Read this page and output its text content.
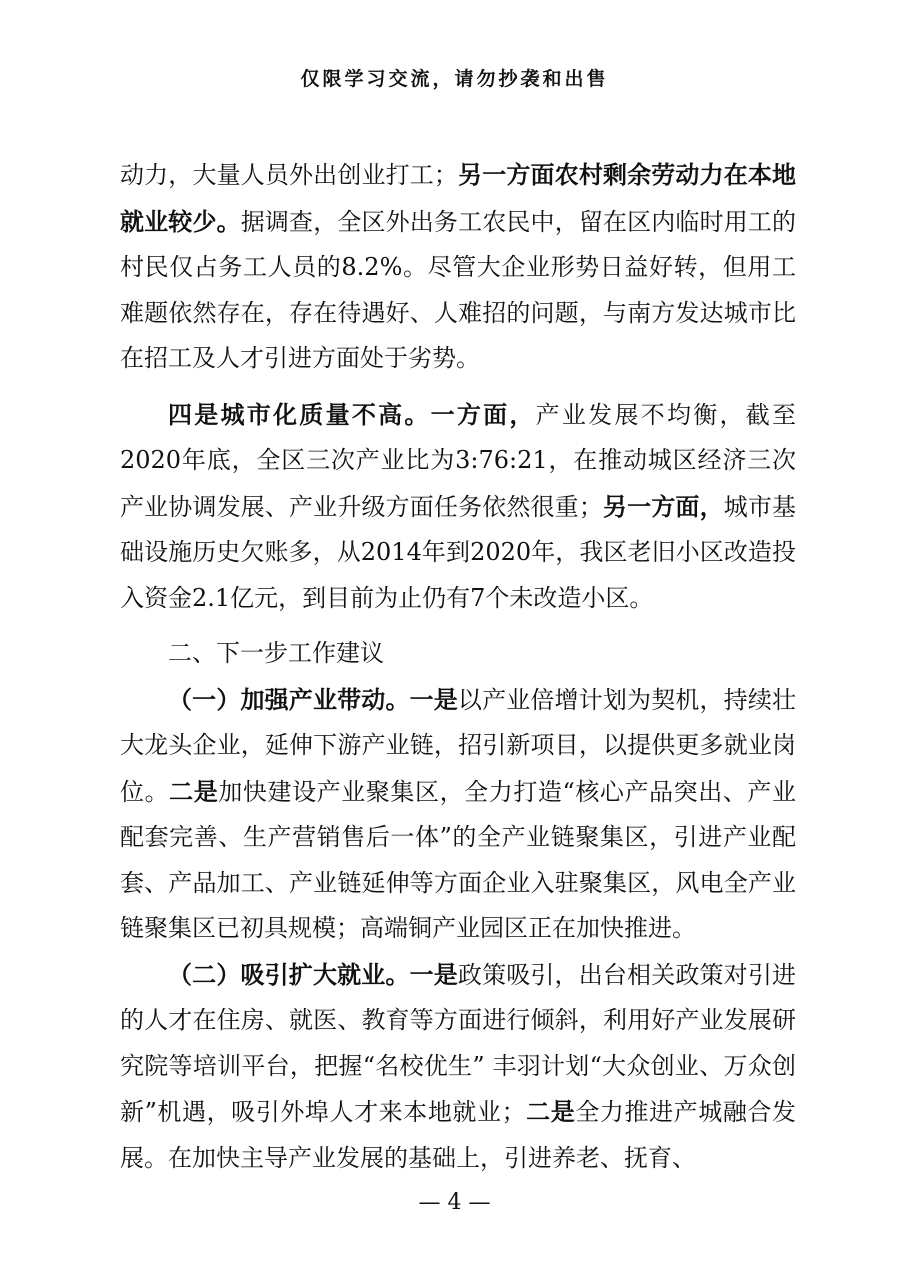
仅限学习交流，请勿抄袭和出售

动力，大量人员外出创业打工；另一方面农村剩余劳动力在本地就业较少。据调查，全区外出务工农民中，留在区内临时用工的村民仅占务工人员的8.2%。尽管大企业形势日益好转，但用工难题依然存在，存在待遇好、人难招的问题，与南方发达城市比在招工及人才引进方面处于劣势。

四是城市化质量不高。一方面，产业发展不均衡，截至2020年底，全区三次产业比为3:76:21，在推动城区经济三次产业协调发展、产业升级方面任务依然很重；另一方面，城市基础设施历史欠账多，从2014年到2020年，我区老旧小区改造投入资金2.1亿元，到目前为止仍有7个未改造小区。

二、下一步工作建议

（一）加强产业带动。一是以产业倍增计划为契机，持续壮大龙头企业，延伸下游产业链，招引新项目，以提供更多就业岗位。二是加快建设产业聚集区，全力打造“核心产品突出、产业配套完善、生产营销售后一体”的全产业链聚集区，引进产业配套、产品加工、产业链延伸等方面企业入驻聚集区，风电全产业链聚集区已初具规模；高端铜产业园区正在加快推进。

（二）吸引扩大就业。一是政策吸引，出台相关政策对引进的人才在住房、就医、教育等方面进行倾斜，利用好产业发展研究院等培训平台，把握“名校优生” 丰羽计划“大众创业、万众创新”机遇，吸引外埠人才来本地就业；二是全力推进产城融合发展。在加快主导产业发展的基础上，引进养老、抚育、

— 4 —
